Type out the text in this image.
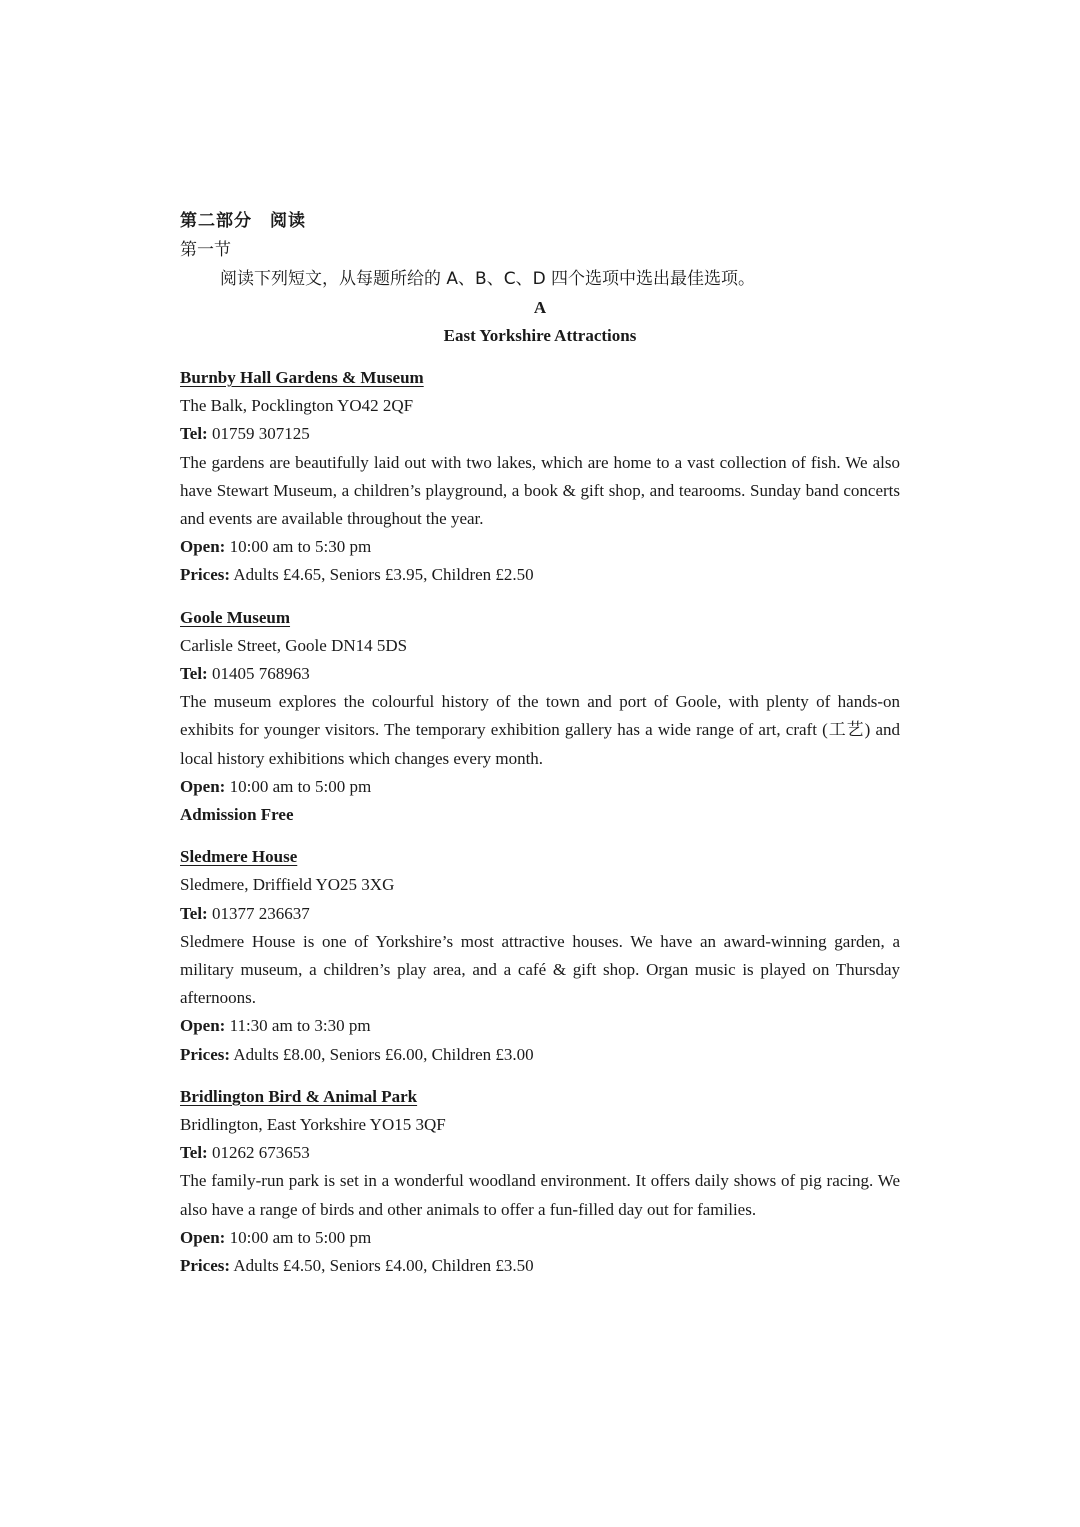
第二部分 阅读
第一节
阅读下列短文，从每题所给的 A、B、C、D 四个选项中选出最佳选项。
A
East Yorkshire Attractions

Burnby Hall Gardens & Museum

The Balk, Pocklington YO42 2QF

Tel: 01759 307125

The gardens are beautifully laid out with two lakes, which are home to a vast collection of fish. We also have Stewart Museum, a children’s playground, a book & gift shop, and tearooms. Sunday band concerts and events are available throughout the year.

Open: 10:00 am to 5:30 pm

Prices: Adults £4.65, Seniors £3.95, Children £2.50

Goole Museum

Carlisle Street, Goole DN14 5DS

Tel: 01405 768963

The museum explores the colourful history of the town and port of Goole, with plenty of hands-on exhibits for younger visitors. The temporary exhibition gallery has a wide range of art, craft (工艺) and local history exhibitions which changes every month.

Open: 10:00 am to 5:00 pm

Admission Free

Sledmere House

Sledmere, Driffield YO25 3XG

Tel: 01377 236637

Sledmere House is one of Yorkshire’s most attractive houses. We have an award-winning garden, a military museum, a children’s play area, and a café & gift shop. Organ music is played on Thursday afternoons.

Open: 11:30 am to 3:30 pm

Prices: Adults £8.00, Seniors £6.00, Children £3.00

Bridlington Bird & Animal Park

Bridlington, East Yorkshire YO15 3QF

Tel: 01262 673653

The family-run park is set in a wonderful woodland environment. It offers daily shows of pig racing. We also have a range of birds and other animals to offer a fun-filled day out for families.

Open: 10:00 am to 5:00 pm

Prices: Adults £4.50, Seniors £4.00, Children £3.50
